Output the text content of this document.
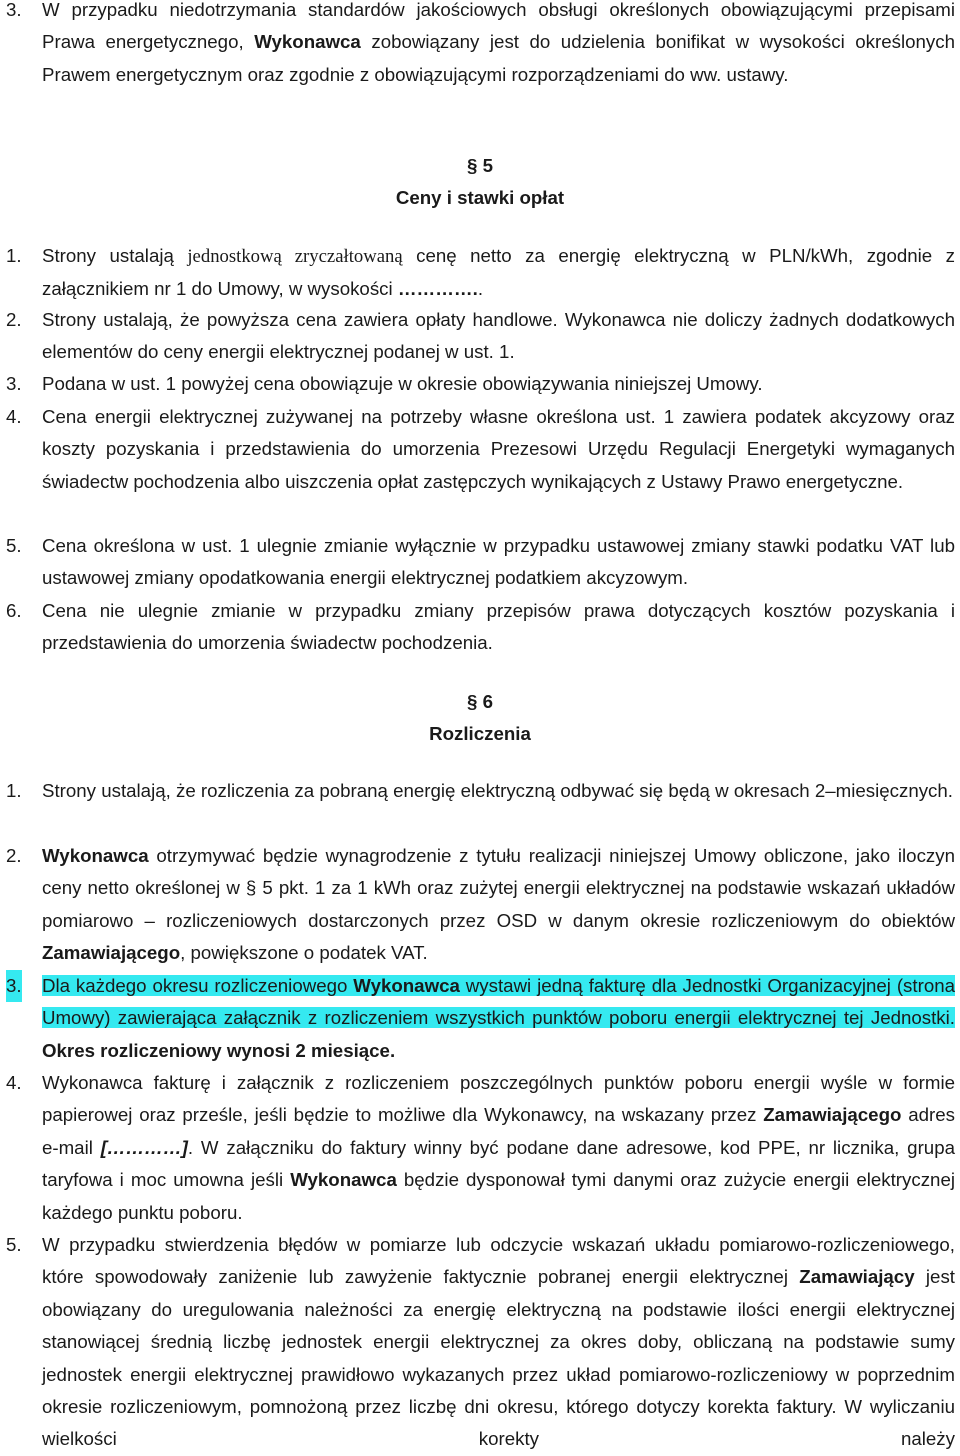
3. W przypadku niedotrzymania standardów jakościowych obsługi określonych obowiązującymi przepisami Prawa energetycznego, Wykonawca zobowiązany jest do udzielenia bonifikat w wysokości określonych Prawem energetycznym oraz zgodnie z obowiązującymi rozporządzeniami do ww. ustawy.
§ 5
Ceny i stawki opłat
1. Strony ustalają jednostkową zryczałtowaną cenę netto za energię elektryczną w PLN/kWh, zgodnie z załącznikiem nr 1 do Umowy, w wysokości …………..
2. Strony ustalają, że powyższa cena zawiera opłaty handlowe. Wykonawca nie doliczy żadnych dodatkowych elementów do ceny energii elektrycznej podanej w ust. 1.
3. Podana w ust. 1 powyżej cena obowiązuje w okresie obowiązywania niniejszej Umowy.
4. Cena energii elektrycznej zużywanej na potrzeby własne określona ust. 1 zawiera podatek akcyzowy oraz koszty pozyskania i przedstawienia do umorzenia Prezesowi Urzędu Regulacji Energetyki wymaganych świadectw pochodzenia albo uiszczenia opłat zastępczych wynikających z Ustawy Prawo energetyczne.
5. Cena określona w ust. 1 ulegnie zmianie wyłącznie w przypadku ustawowej zmiany stawki podatku VAT lub ustawowej zmiany opodatkowania energii elektrycznej podatkiem akcyzowym.
6. Cena nie ulegnie zmianie w przypadku zmiany przepisów prawa dotyczących kosztów pozyskania i przedstawienia do umorzenia świadectw pochodzenia.
§ 6
Rozliczenia
1. Strony ustalają, że rozliczenia za pobraną energię elektryczną odbywać się będą w okresach 2–miesięcznych.
2. Wykonawca otrzymywać będzie wynagrodzenie z tytułu realizacji niniejszej Umowy obliczone, jako iloczyn ceny netto określonej w § 5 pkt. 1 za 1 kWh oraz zużytej energii elektrycznej na podstawie wskazań układów pomiarowo – rozliczeniowych dostarczonych przez OSD w danym okresie rozliczeniowym do obiektów Zamawiającego, powiększone o podatek VAT.
3. Dla każdego okresu rozliczeniowego Wykonawca wystawi jedną fakturę dla Jednostki Organizacyjnej (strona Umowy) zawierająca załącznik z rozliczeniem wszystkich punktów poboru energii elektrycznej tej Jednostki. Okres rozliczeniowy wynosi 2 miesiące.
4. Wykonawca fakturę i załącznik z rozliczeniem poszczególnych punktów poboru energii wyśle w formie papierowej oraz prześle, jeśli będzie to możliwe dla Wykonawcy, na wskazany przez Zamawiającego adres e-mail […………]. W załączniku do faktury winny być podane dane adresowe, kod PPE, nr licznika, grupa taryfowa i moc umowna jeśli Wykonawca będzie dysponował tymi danymi oraz zużycie energii elektrycznej każdego punktu poboru.
5. W przypadku stwierdzenia błędów w pomiarze lub odczycie wskazań układu pomiarowo-rozliczeniowego, które spowodowały zaniżenie lub zawyżenie faktycznie pobranej energii elektrycznej Zamawiający jest obowiązany do uregulowania należności za energię elektryczną na podstawie ilości energii elektrycznej stanowiącej średnią liczbę jednostek energii elektrycznej za okres doby, obliczaną na podstawie sumy jednostek energii elektrycznej prawidłowo wykazanych przez układ pomiarowo-rozliczeniowy w poprzednim okresie rozliczeniowym, pomnożoną przez liczbę dni okresu, którego dotyczy korekta faktury. W wyliczaniu wielkości korekty należy
